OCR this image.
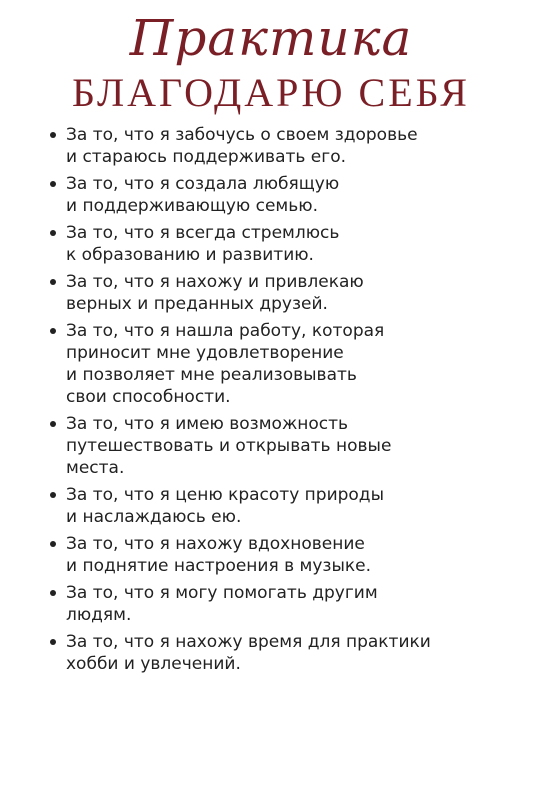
Практика
БЛАГОДАРЮ СЕБЯ
За то, что я забочусь о своем здоровье
и стараюсь поддерживать его.
За то, что я создала любящую
и поддерживающую семью.
За то, что я всегда стремлюсь
к образованию и развитию.
За то, что я нахожу и привлекаю
верных и преданных друзей.
За то, что я нашла работу, которая
приносит мне удовлетворение
и позволяет мне реализовывать
свои способности.
За то, что я имею возможность
путешествовать и открывать новые
места.
За то, что я ценю красоту природы
и наслаждаюсь ею.
За то, что я нахожу вдохновение
и поднятие настроения в музыке.
За то, что я могу помогать другим
людям.
За то, что я нахожу время для практики
хобби и увлечений.
